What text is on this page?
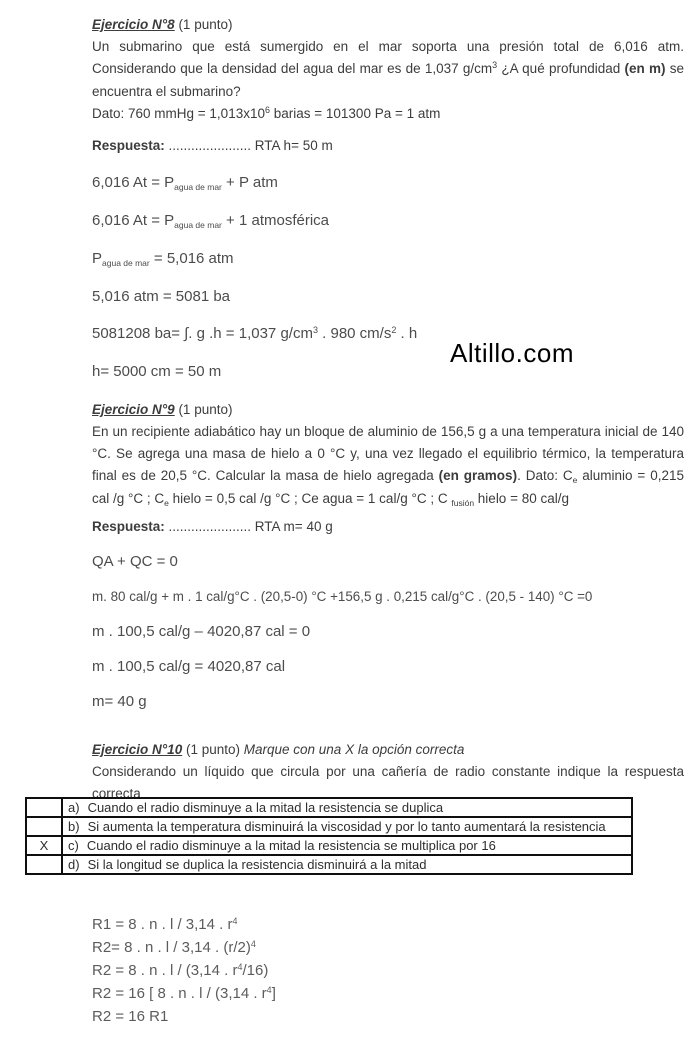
Ejercicio N°8 (1 punto)

Un submarino que está sumergido en el mar soporta una presión total de 6,016 atm. Considerando que la densidad del agua del mar es de 1,037 $g/cm^3$ ¿A qué profundidad (en m) se encuentra el submarino?

Dato: 760 mmHg = $1,013x10^6$ barias = 101300 Pa = 1 atm
Respuesta: ...................... RTA h= 50 m
6,016 $At = P_{agua de mar} + P$ atm
6,016 $At = P_{agua de mar} + 1$ atmosférica
$P_{agua de mar} = 5,016$ atm
5,016 atm = 5081 ba
5081208 ba= ∫. g .h = 1,037 $g/cm^3$ . 980 $cm/s^2$ . h
h= 5000 cm = 50 m
Ejercicio N°9 (1 punto)

En un recipiente adiabático hay un bloque de aluminio de 156,5 g a una temperatura inicial de 140 °C. Se agrega una masa de hielo a 0 °C y, una vez llegado el equilibrio térmico, la temperatura final es de 20,5 °C. Calcular la masa de hielo agregada (en gramos). Dato: $C_e$ aluminio = 0,215 cal /g °C ; $C_e$ hielo = 0,5 cal /g °C ; Ce agua = 1 cal/g °C ; C $_{fusión}$ hielo = 80 cal/g

Respuesta: ...................... RTA m= 40 g
QA + QC = 0
m. 80 cal/g + m . 1 cal/g°C . (20,5-0) °C +156,5 g . 0,215 cal/g°C . (20,5 - 140) °C =0
m . 100,5 cal/g – 4020,87 cal = 0
m . 100,5 cal/g = 4020,87 cal
m= 40 g
Ejercicio N°10 (1 punto) Marque con una X la opción correcta

Considerando un líquido que circula por una cañería de radio constante indique la respuesta correcta

	a) Cuando el radio disminuye a la mitad la resistencia se duplica
	b) Si aumenta la temperatura disminuirá la viscosidad y por lo tanto aumentará la resistencia
X	c) Cuando el radio disminuye a la mitad la resistencia se multiplica por 16
	d) Si la longitud se duplica la resistencia disminuirá a la mitad
R1 = 8 . n . l / 3,14 . $r^4$
R2= 8 . n . l / 3,14 . $(r/2)^4$
R2 = 8 . n . l / (3,14 . $r^4/16$)
R2 = 16 [ 8 . n . l / (3,14 . $r^4$]
R2 = 16 R1
Altillo.com
